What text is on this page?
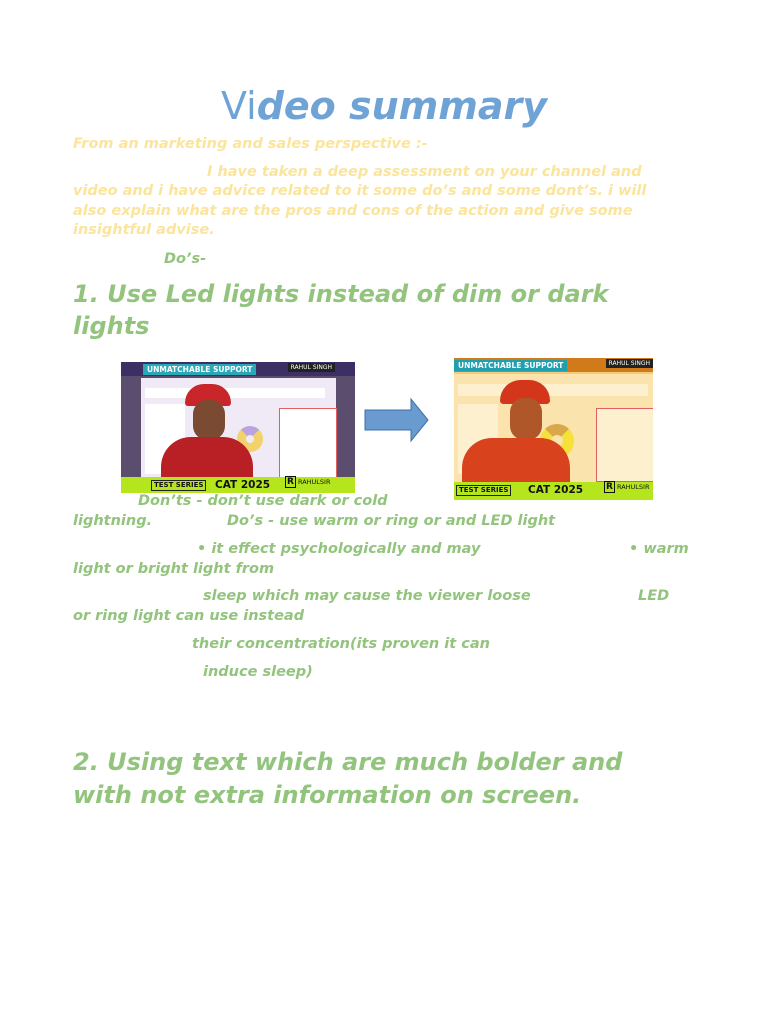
Video summary
From an marketing and sales perspective :-
I have taken a deep assessment on your channel and
video and i have advice related to it some do’s and some dont’s. i will
also explain what are the pros and cons of the action and give some
insightful advise.
Do’s-
1. Use Led lights instead of dim or dark
lights
UNMATCHABLE SUPPORT	RAHUL SINGH
TEST SERIES CAT 2025 R RAHULSIR
UNMATCHABLE SUPPORT	RAHUL SINGH
TEST SERIES CAT 2025	R RAHULSIR
Don’ts - don’t use dark or cold
lightning.	Do’s - use warm or ring or and LED light
• it effect psychologically and may	• warm
light or bright light from
sleep which may cause the viewer loose	LED
or ring light can use instead
their concentration(its proven it can
induce sleep)
2. Using text which are much bolder and
with not extra information on screen.
